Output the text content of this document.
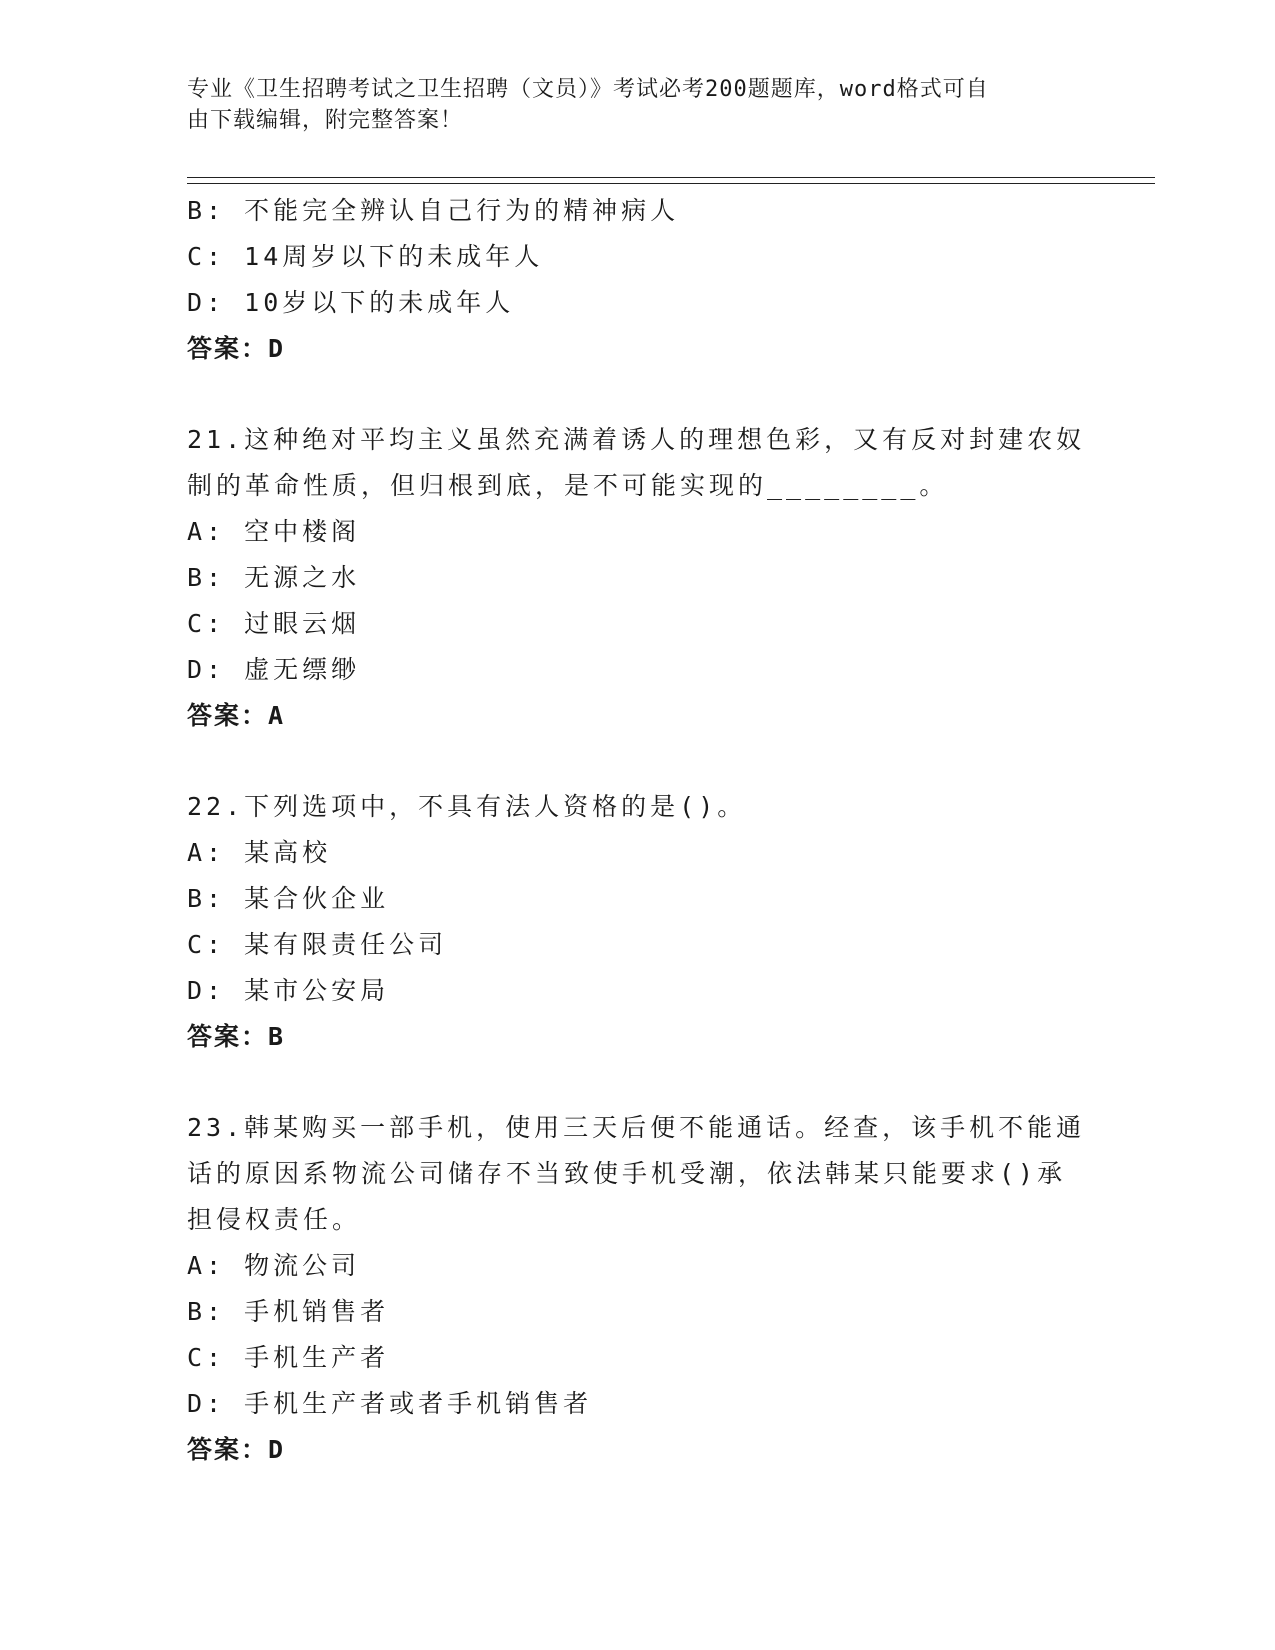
专业《卫生招聘考试之卫生招聘（文员）》考试必考200题题库，word格式可自
由下载编辑，附完整答案！
B: 不能完全辨认自己行为的精神病人
C: 14周岁以下的未成年人
D: 10岁以下的未成年人
答案：D
21.这种绝对平均主义虽然充满着诱人的理想色彩，又有反对封建农奴
制的革命性质，但归根到底，是不可能实现的________。
A: 空中楼阁
B: 无源之水
C: 过眼云烟
D: 虚无缥缈
答案：A
22.下列选项中，不具有法人资格的是()。
A: 某高校
B: 某合伙企业
C: 某有限责任公司
D: 某市公安局
答案：B
23.韩某购买一部手机，使用三天后便不能通话。经查，该手机不能通
话的原因系物流公司储存不当致使手机受潮，依法韩某只能要求()承
担侵权责任。
A: 物流公司
B: 手机销售者
C: 手机生产者
D: 手机生产者或者手机销售者
答案：D
